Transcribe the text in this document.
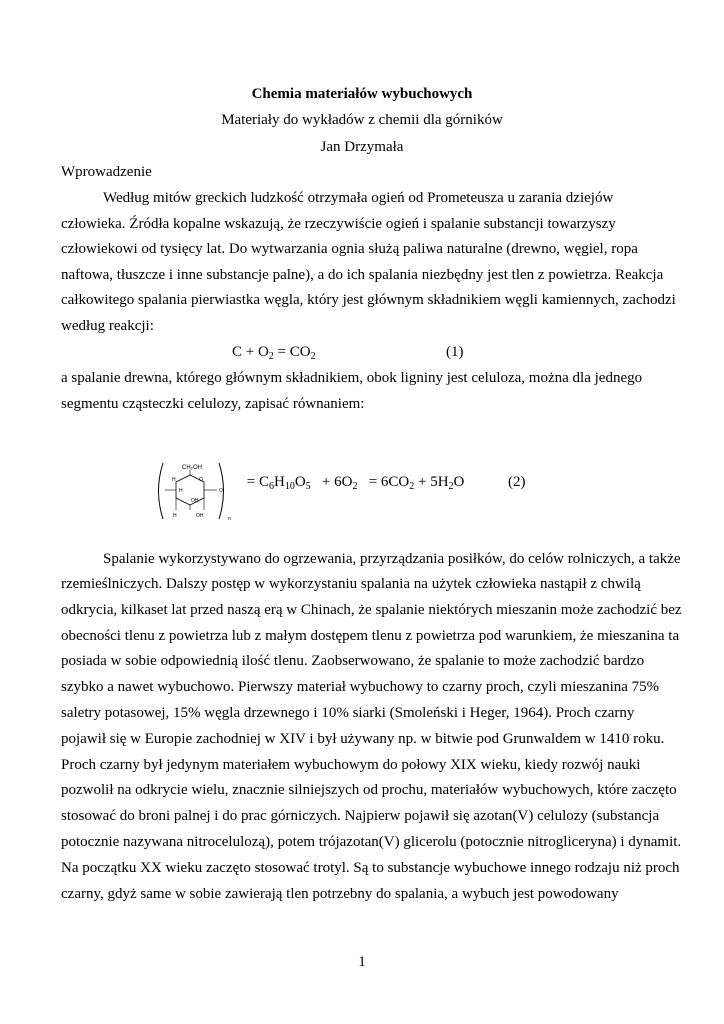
Chemia materiałów wybuchowych
Materiały do wykładów z chemii dla górników
Jan Drzymała
Wprowadzenie
Według mitów greckich ludzkość otrzymała ogień od Prometeusza u zarania dziejów
człowieka. Źródła kopalne wskazują, że rzeczywiście ogień i spalanie substancji towarzyszy
człowiekowi od tysięcy lat. Do wytwarzania ognia służą paliwa naturalne (drewno, węgiel, ropa
naftowa, tłuszcze i inne substancje palne), a do ich spalania niezbędny jest tlen z powietrza. Reakcja
całkowitego spalania pierwiastka węgla, który jest głównym składnikiem węgli kamiennych, zachodzi
według reakcji:
$C + O_2 = CO_2$	(1)
a spalanie drewna, którego głównym składnikiem, obok ligniny jest celuloza, można dla jednego
segmentu cząsteczki celulozy, zapisać równaniem:
CH₂OH
H	O
H	O
OH
H	OH	n
= $C_6H_{10}O_5 + 6O_2 = 6CO_2 + 5H_2O$	(2)
Spalanie wykorzystywano do ogrzewania, przyrządzania posiłków, do celów rolniczych, a także
rzemieślniczych. Dalszy postęp w wykorzystaniu spalania na użytek człowieka nastąpił z chwilą
odkrycia, kilkaset lat przed naszą erą w Chinach, że spalanie niektórych mieszanin może zachodzić bez
obecności tlenu z powietrza lub z małym dostępem tlenu z powietrza pod warunkiem, że mieszanina ta
posiada w sobie odpowiednią ilość tlenu. Zaobserwowano, że spalanie to może zachodzić bardzo
szybko a nawet wybuchowo. Pierwszy materiał wybuchowy to czarny proch, czyli mieszanina 75%
saletry potasowej, 15% węgla drzewnego i 10% siarki (Smoleński i Heger, 1964). Proch czarny
pojawił się w Europie zachodniej w XIV i był używany np. w bitwie pod Grunwaldem w 1410 roku.
Proch czarny był jedynym materiałem wybuchowym do połowy XIX wieku, kiedy rozwój nauki
pozwolił na odkrycie wielu, znacznie silniejszych od prochu, materiałów wybuchowych, które zaczęto
stosować do broni palnej i do prac górniczych. Najpierw pojawił się azotan(V) celulozy (substancja
potocznie nazywana nitrocelulozą), potem trójazotan(V) glicerolu (potocznie nitrogliceryna) i dynamit.
Na początku XX wieku zaczęto stosować trotyl. Są to substancje wybuchowe innego rodzaju niż proch
czarny, gdyż same w sobie zawierają tlen potrzebny do spalania, a wybuch jest powodowany
1
